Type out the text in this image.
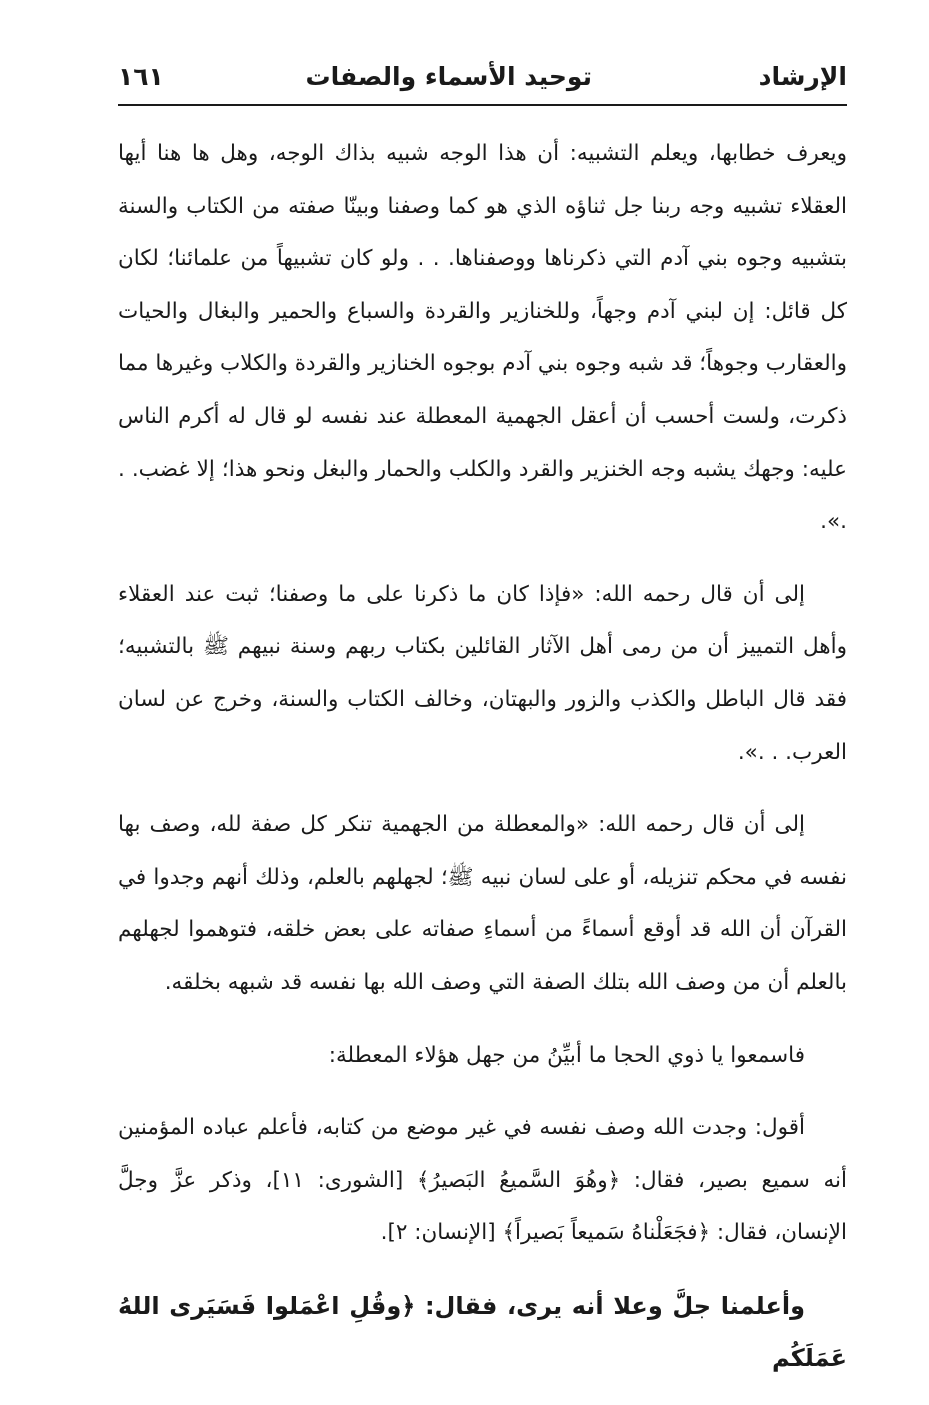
الإرشاد
توحيد الأسماء والصفات
١٦١

ويعرف خطابها، ويعلم التشبيه: أن هذا الوجه شبيه بذاك الوجه، وهل ها هنا أيها العقلاء تشبيه وجه ربنا جل ثناؤه الذي هو كما وصفنا وبينّا صفته من الكتاب والسنة بتشبيه وجوه بني آدم التي ذكرناها ووصفناها. . . ولو كان تشبيهاً من علمائنا؛ لكان كل قائل: إن لبني آدم وجهاً، وللخنازير والقردة والسباع والحمير والبغال والحيات والعقارب وجوهاً؛ قد شبه وجوه بني آدم بوجوه الخنازير والقردة والكلاب وغيرها مما ذكرت، ولست أحسب أن أعقل الجهمية المعطلة عند نفسه لو قال له أكرم الناس عليه: وجهك يشبه وجه الخنزير والقرد والكلب والحمار والبغل ونحو هذا؛ إلا غضب. . .».

إلى أن قال رحمه الله: «فإذا كان ما ذكرنا على ما وصفنا؛ ثبت عند العقلاء وأهل التمييز أن من رمى أهل الآثار القائلين بكتاب ربهم وسنة نبيهم ﷺ بالتشبيه؛ فقد قال الباطل والكذب والزور والبهتان، وخالف الكتاب والسنة، وخرج عن لسان العرب. . .».

إلى أن قال رحمه الله: «والمعطلة من الجهمية تنكر كل صفة لله، وصف بها نفسه في محكم تنزيله، أو على لسان نبيه ﷺ؛ لجهلهم بالعلم، وذلك أنهم وجدوا في القرآن أن الله قد أوقع أسماءً من أسماءِ صفاته على بعض خلقه، فتوهموا لجهلهم بالعلم أن من وصف الله بتلك الصفة التي وصف الله بها نفسه قد شبهه بخلقه.

فاسمعوا يا ذوي الحجا ما أبيِّنُ من جهل هؤلاء المعطلة:

أقول: وجدت الله وصف نفسه في غير موضع من كتابه، فأعلم عباده المؤمنين أنه سميع بصير، فقال: ﴿وهُوَ السَّميعُ البَصيرُ﴾ [الشورى: ١١]، وذكر عزَّ وجلَّ الإنسان، فقال: ﴿فجَعَلْناهُ سَميعاً بَصيراً﴾ [الإنسان: ٢].

وأعلمنا جلَّ وعلا أنه يرى، فقال: ﴿وقُلِ اعْمَلوا فَسَيَرى اللهُ عَمَلَكُم
